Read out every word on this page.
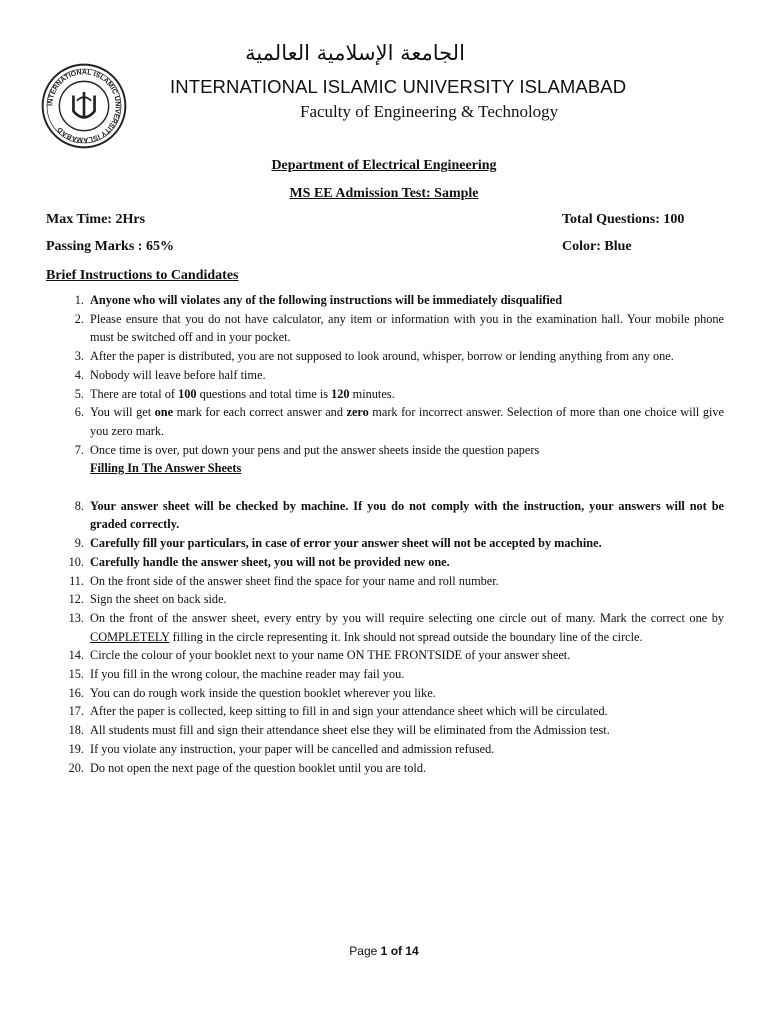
INTERNATIONAL ISLAMIC UNIVERSITY ISLAMABAD
الجامعة الإسلامية العالمية
INTERNATIONAL ISLAMIC UNIVERSITY ISLAMABAD
Faculty of Engineering & Technology
Department of Electrical Engineering
MS EE Admission Test: Sample
Max Time: 2Hrs	Total Questions: 100
Passing Marks : 65%	Color: Blue
Brief Instructions to Candidates
1. Anyone who will violates any of the following instructions will be immediately disqualified
2. Please ensure that you do not have calculator, any item or information with you in the examination hall. Your mobile phone must be switched off and in your pocket.
3. After the paper is distributed, you are not supposed to look around, whisper, borrow or lending anything from any one.
4. Nobody will leave before half time.
5. There are total of 100 questions and total time is 120 minutes.
6. You will get one mark for each correct answer and zero mark for incorrect answer. Selection of more than one choice will give you zero mark.
7. Once time is over, put down your pens and put the answer sheets inside the question papers
Filling In The Answer Sheets
8. Your answer sheet will be checked by machine. If you do not comply with the instruction, your answers will not be graded correctly.
9. Carefully fill your particulars, in case of error your answer sheet will not be accepted by machine.
10. Carefully handle the answer sheet, you will not be provided new one.
11. On the front side of the answer sheet find the space for your name and roll number.
12. Sign the sheet on back side.
13. On the front of the answer sheet, every entry by you will require selecting one circle out of many. Mark the correct one by COMPLETELY filling in the circle representing it. Ink should not spread outside the boundary line of the circle.
14. Circle the colour of your booklet next to your name ON THE FRONTSIDE of your answer sheet.
15. If you fill in the wrong colour, the machine reader may fail you.
16. You can do rough work inside the question booklet wherever you like.
17. After the paper is collected, keep sitting to fill in and sign your attendance sheet which will be circulated.
18. All students must fill and sign their attendance sheet else they will be eliminated from the Admission test.
19. If you violate any instruction, your paper will be cancelled and admission refused.
20. Do not open the next page of the question booklet until you are told.
Page 1 of 14
